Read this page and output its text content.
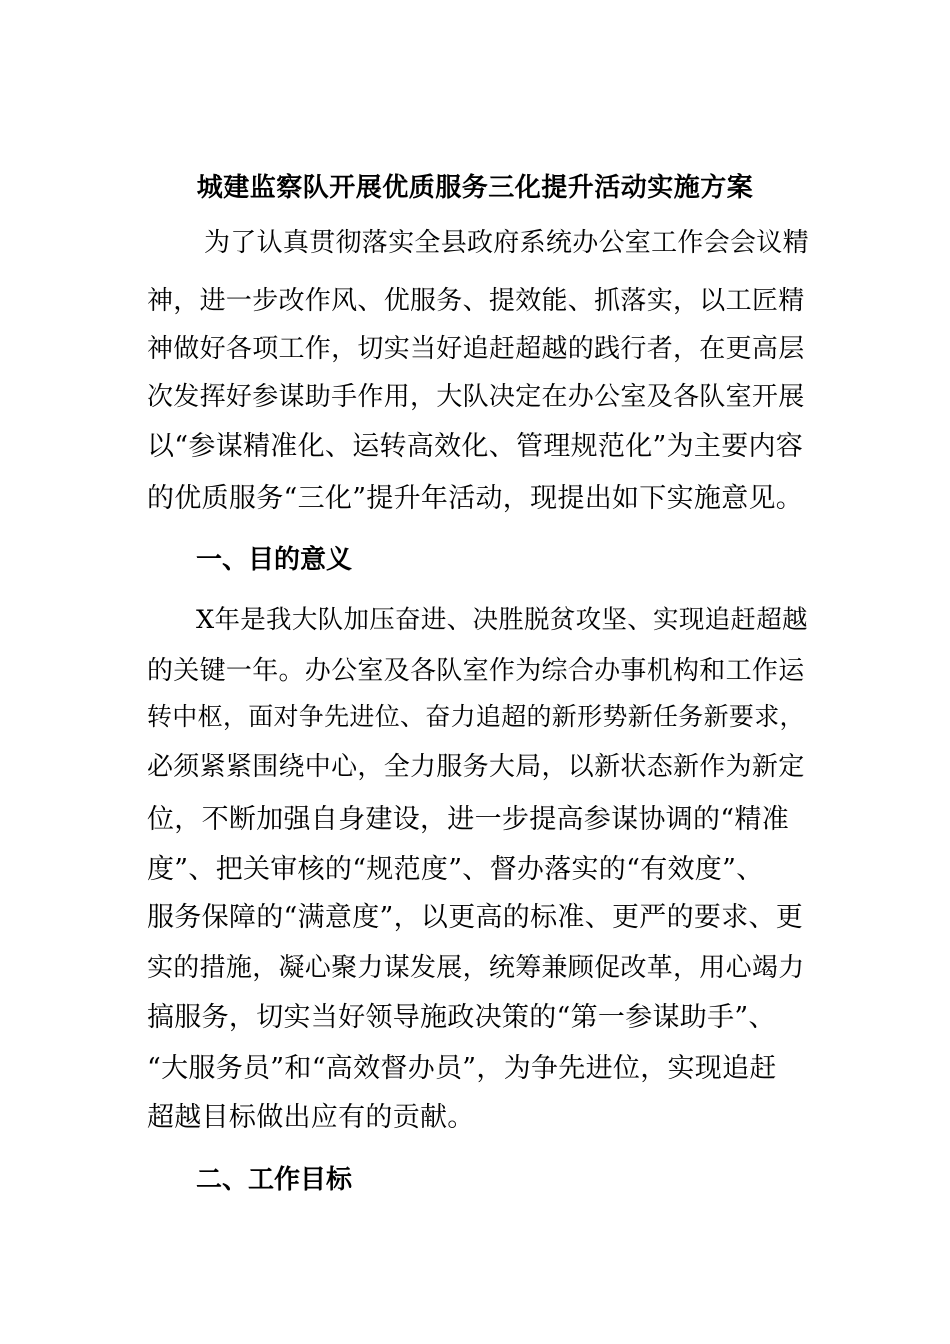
城建监察队开展优质服务三化提升活动实施方案
为了认真贯彻落实全县政府系统办公室工作会会议精
神，进一步改作风、优服务、提效能、抓落实，以工匠精
神做好各项工作，切实当好追赶超越的践行者，在更高层
次发挥好参谋助手作用，大队决定在办公室及各队室开展
以“参谋精准化、运转高效化、管理规范化”为主要内容
的优质服务“三化”提升年活动，现提出如下实施意见。
一、目的意义
X年是我大队加压奋进、决胜脱贫攻坚、实现追赶超越
的关键一年。办公室及各队室作为综合办事机构和工作运
转中枢，面对争先进位、奋力追超的新形势新任务新要求，
必须紧紧围绕中心，全力服务大局，以新状态新作为新定
位，不断加强自身建设，进一步提高参谋协调的“精准
度”、把关审核的“规范度”、督办落实的“有效度”、
服务保障的“满意度”，以更高的标准、更严的要求、更
实的措施，凝心聚力谋发展，统筹兼顾促改革，用心竭力
搞服务，切实当好领导施政决策的“第一参谋助手”、
“大服务员”和“高效督办员”，为争先进位，实现追赶
超越目标做出应有的贡献。
二、工作目标
